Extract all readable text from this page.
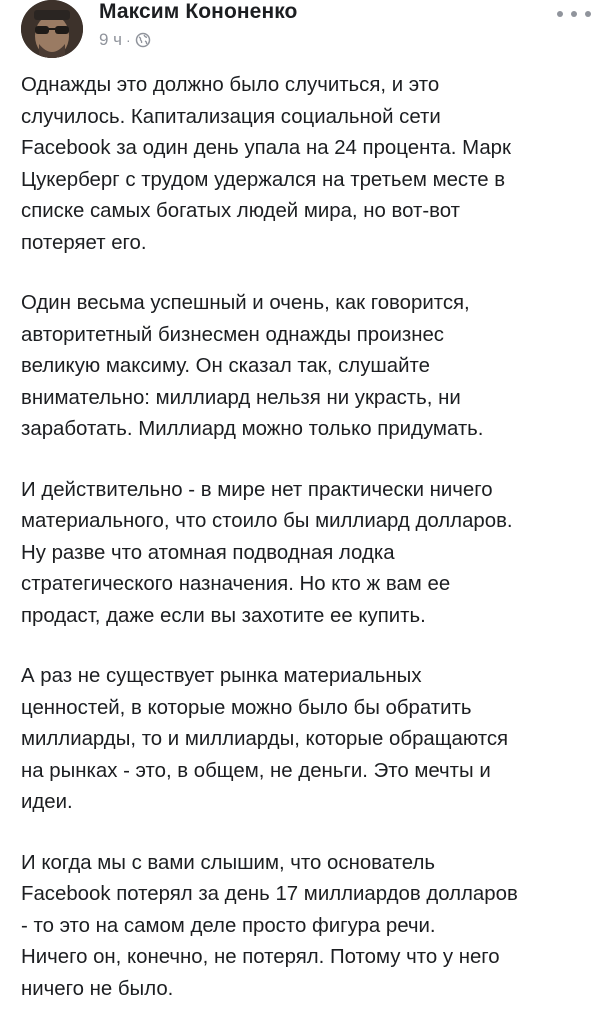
Максим Кононенко
9 ч ·

Однажды это должно было случиться, и это
случилось. Капитализация социальной сети
Facebook за один день упала на 24 процента. Марк
Цукерберг с трудом удержался на третьем месте в
списке самых богатых людей мира, но вот-вот
потеряет его.

Один весьма успешный и очень, как говорится,
авторитетный бизнесмен однажды произнес
великую максиму. Он сказал так, слушайте
внимательно: миллиард нельзя ни украсть, ни
заработать. Миллиард можно только придумать.

И действительно - в мире нет практически ничего
материального, что стоило бы миллиард долларов.
Ну разве что атомная подводная лодка
стратегического назначения. Но кто ж вам ее
продаст, даже если вы захотите ее купить.

А раз не существует рынка материальных
ценностей, в которые можно было бы обратить
миллиарды, то и миллиарды, которые обращаются
на рынках - это, в общем, не деньги. Это мечты и
идеи.

И когда мы с вами слышим, что основатель
Facebook потерял за день 17 миллиардов долларов
- то это на самом деле просто фигура речи.
Ничего он, конечно, не потерял. Потому что у него
ничего не было.
